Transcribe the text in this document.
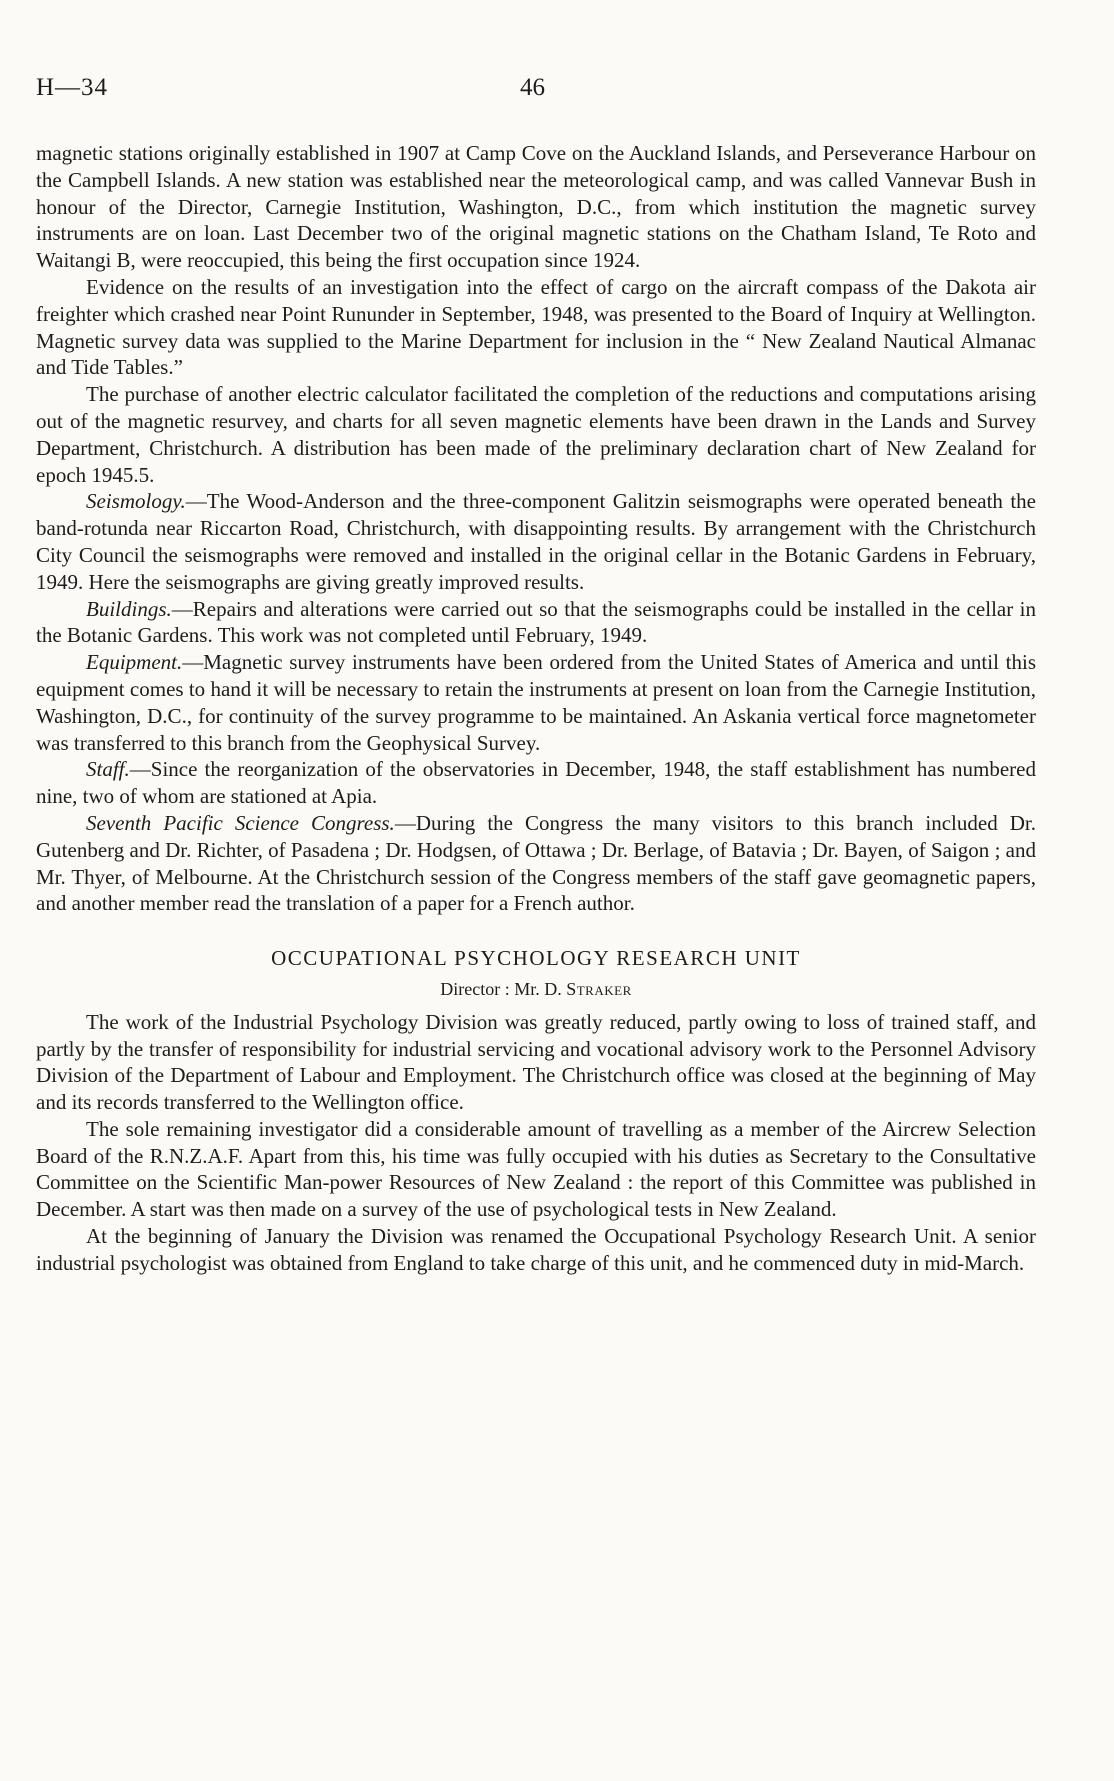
H—34	46

magnetic stations originally established in 1907 at Camp Cove on the Auckland Islands, and Perseverance Harbour on the Campbell Islands. A new station was established near the meteorological camp, and was called Vannevar Bush in honour of the Director, Carnegie Institution, Washington, D.C., from which institution the magnetic survey instruments are on loan. Last December two of the original magnetic stations on the Chatham Island, Te Roto and Waitangi B, were reoccupied, this being the first occupation since 1924.

Evidence on the results of an investigation into the effect of cargo on the aircraft compass of the Dakota air freighter which crashed near Point Rununder in September, 1948, was presented to the Board of Inquiry at Wellington. Magnetic survey data was supplied to the Marine Department for inclusion in the “ New Zealand Nautical Almanac and Tide Tables.”

The purchase of another electric calculator facilitated the completion of the reductions and computations arising out of the magnetic resurvey, and charts for all seven magnetic elements have been drawn in the Lands and Survey Department, Christchurch. A distribution has been made of the preliminary declaration chart of New Zealand for epoch 1945.5.

Seismology.—The Wood-Anderson and the three-component Galitzin seismographs were operated beneath the band-rotunda near Riccarton Road, Christchurch, with disappointing results. By arrangement with the Christchurch City Council the seismographs were removed and installed in the original cellar in the Botanic Gardens in February, 1949. Here the seismographs are giving greatly improved results.

Buildings.—Repairs and alterations were carried out so that the seismographs could be installed in the cellar in the Botanic Gardens. This work was not completed until February, 1949.

Equipment.—Magnetic survey instruments have been ordered from the United States of America and until this equipment comes to hand it will be necessary to retain the instruments at present on loan from the Carnegie Institution, Washington, D.C., for continuity of the survey programme to be maintained. An Askania vertical force magnetometer was transferred to this branch from the Geophysical Survey.

Staff.—Since the reorganization of the observatories in December, 1948, the staff establishment has numbered nine, two of whom are stationed at Apia.

Seventh Pacific Science Congress.—During the Congress the many visitors to this branch included Dr. Gutenberg and Dr. Richter, of Pasadena ; Dr. Hodgsen, of Ottawa ; Dr. Berlage, of Batavia ; Dr. Bayen, of Saigon ; and Mr. Thyer, of Melbourne. At the Christchurch session of the Congress members of the staff gave geomagnetic papers, and another member read the translation of a paper for a French author.

OCCUPATIONAL PSYCHOLOGY RESEARCH UNIT
Director : Mr. D. Straker

The work of the Industrial Psychology Division was greatly reduced, partly owing to loss of trained staff, and partly by the transfer of responsibility for industrial servicing and vocational advisory work to the Personnel Advisory Division of the Department of Labour and Employment. The Christchurch office was closed at the beginning of May and its records transferred to the Wellington office.

The sole remaining investigator did a considerable amount of travelling as a member of the Aircrew Selection Board of the R.N.Z.A.F. Apart from this, his time was fully occupied with his duties as Secretary to the Consultative Committee on the Scientific Man-power Resources of New Zealand : the report of this Committee was published in December. A start was then made on a survey of the use of psychological tests in New Zealand.

At the beginning of January the Division was renamed the Occupational Psychology Research Unit. A senior industrial psychologist was obtained from England to take charge of this unit, and he commenced duty in mid-March.
